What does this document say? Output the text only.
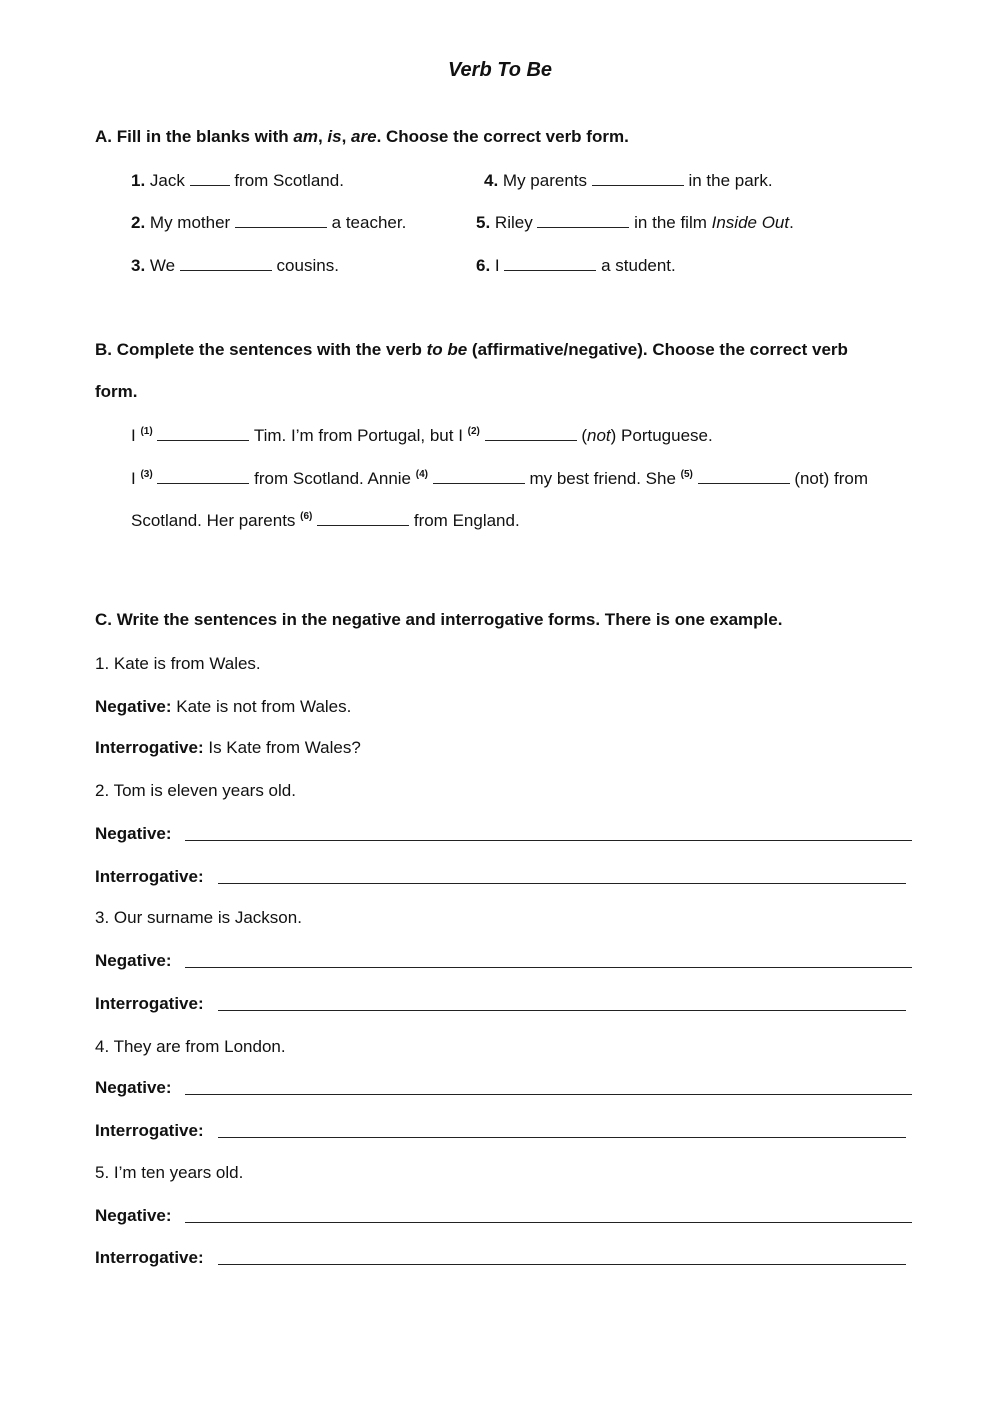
Verb To Be
A. Fill in the blanks with am, is, are. Choose the correct verb form.
1. Jack  from Scotland.
2. My mother	a teacher.
3. We	cousins.
4. My parents	in the park.
5. Riley	in the film Inside Out.
6. I	a student.
B. Complete the sentences with the verb to be (affirmative/negative). Choose the correct verb
form.
I $^{(1)}$	Tim. I’m from Portugal, but I $^{(2)}$	(not) Portuguese.
I $^{(3)}$	from Scotland. Annie $^{(4)}$	my best friend. She $^{(5)}$	(not) from
Scotland. Her parents $^{(6)}$	from England.
C. Write the sentences in the negative and interrogative forms. There is one example.
1. Kate is from Wales.
Negative: Kate is not from Wales.
Interrogative: Is Kate from Wales?
2. Tom is eleven years old.
Negative:
Interrogative:
3. Our surname is Jackson.
Negative:
Interrogative:
4. They are from London.
Negative:
Interrogative:
5. I’m ten years old.
Negative:
Interrogative:
